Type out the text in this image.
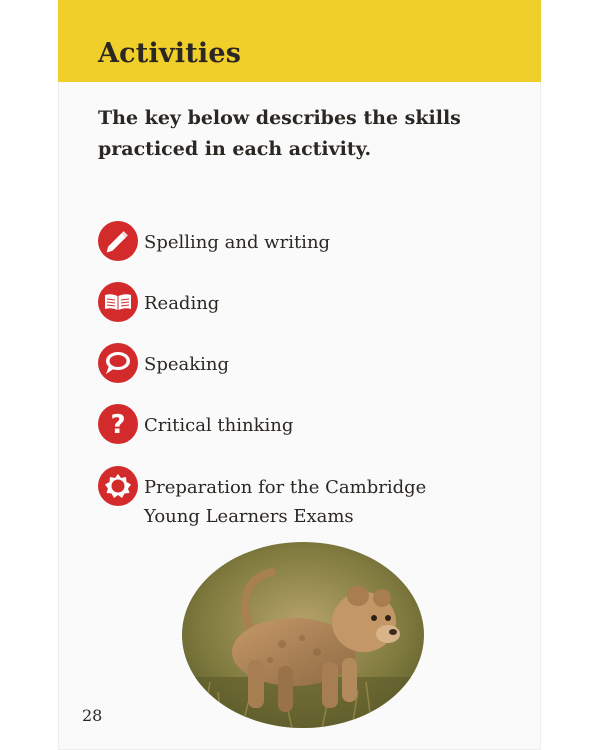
Activities
The key below describes the skills practiced in each activity.
Spelling and writing
Reading
Speaking
? Critical thinking
Preparation for the Cambridge Young Learners Exams
28
